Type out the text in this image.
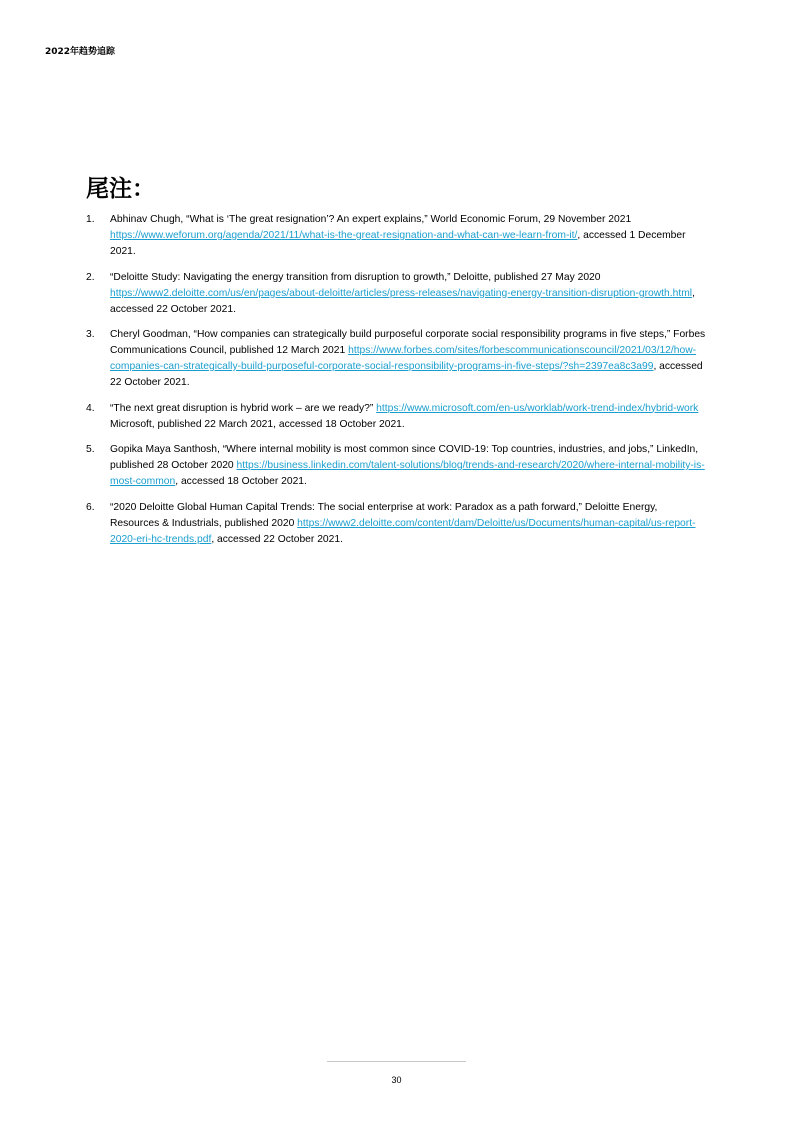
2022年趋势追踪
尾注：
1. Abhinav Chugh, “What is ‘The great resignation’? An expert explains,” World Economic Forum, 29 November 2021 https://www.weforum.org/agenda/2021/11/what-is-the-great-resignation-and-what-can-we-learn-from-it/, accessed 1 December 2021.
2. “Deloitte Study: Navigating the energy transition from disruption to growth,” Deloitte, published 27 May 2020 https://www2.deloitte.com/us/en/pages/about-deloitte/articles/press-releases/navigating-energy-transition-disruption-growth.html, accessed 22 October 2021.
3. Cheryl Goodman, “How companies can strategically build purposeful corporate social responsibility programs in five steps,” Forbes Communications Council, published 12 March 2021 https://www.forbes.com/sites/forbescommunicationscouncil/2021/03/12/how-companies-can-strategically-build-purposeful-corporate-social-responsibility-programs-in-five-steps/?sh=2397ea8c3a99, accessed 22 October 2021.
4. “The next great disruption is hybrid work – are we ready?” https://www.microsoft.com/en-us/worklab/work-trend-index/hybrid-work Microsoft, published 22 March 2021, accessed 18 October 2021.
5. Gopika Maya Santhosh, “Where internal mobility is most common since COVID-19: Top countries, industries, and jobs,” LinkedIn, published 28 October 2020 https://business.linkedin.com/talent-solutions/blog/trends-and-research/2020/where-internal-mobility-is-most-common, accessed 18 October 2021.
6. “2020 Deloitte Global Human Capital Trends: The social enterprise at work: Paradox as a path forward,” Deloitte Energy, Resources & Industrials, published 2020 https://www2.deloitte.com/content/dam/Deloitte/us/Documents/human-capital/us-report-2020-eri-hc-trends.pdf, accessed 22 October 2021.
30
